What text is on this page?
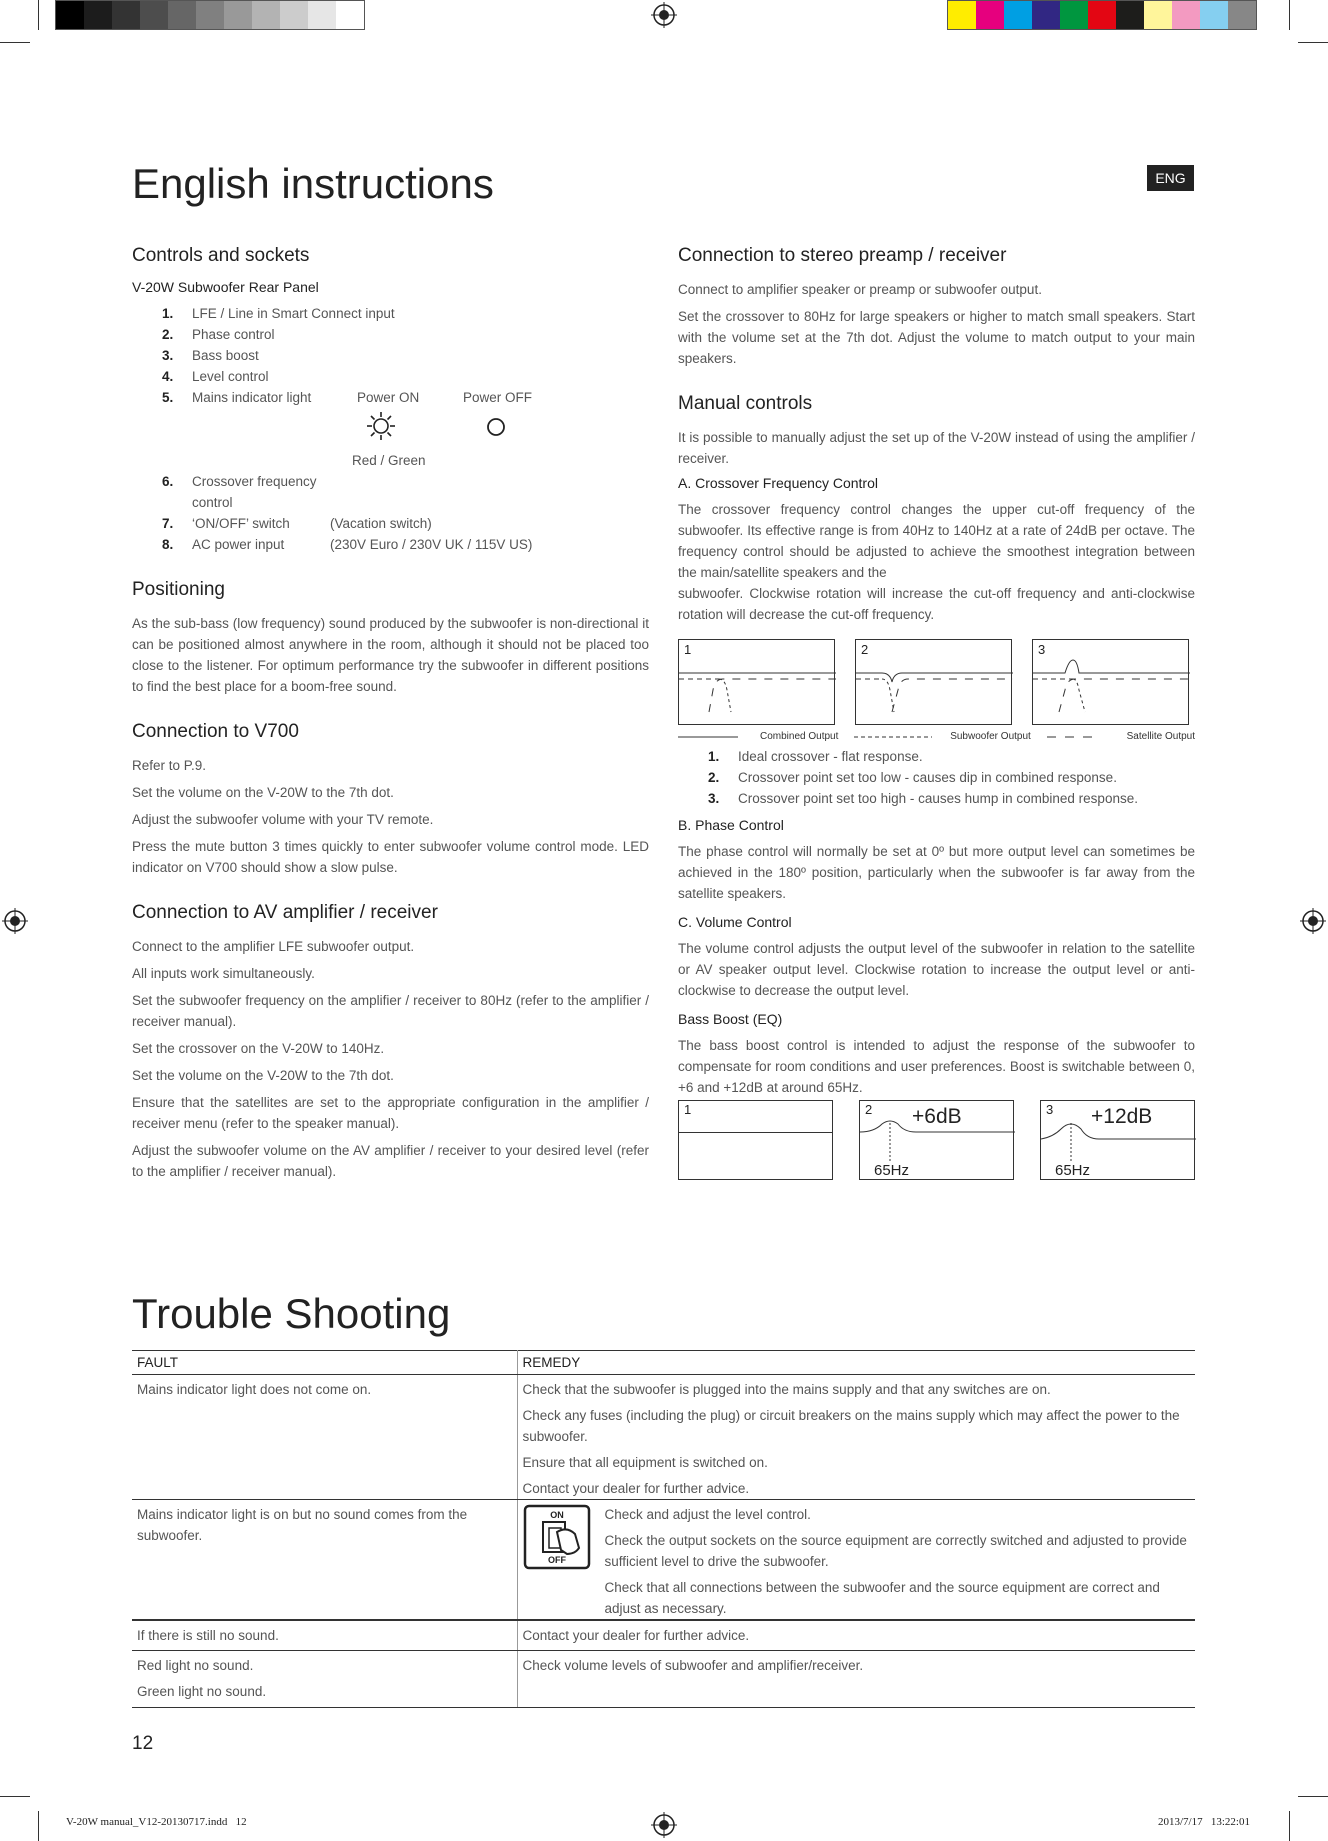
English instructions	ENG
Controls and sockets
V-20W Subwoofer Rear Panel
1.	LFE / Line in Smart Connect input
2.	Phase control
3.	Bass boost
4.	Level control
5.	Mains indicator light	Power ON	Power OFF
Red / Green
6.	Crossover frequency control
7.	‘ON/OFF’ switch	(Vacation switch)
8.	AC power input	(230V Euro / 230V UK / 115V US)
Positioning

As the sub-bass (low frequency) sound produced by the subwoofer is non-directional it can be positioned almost anywhere in the room, although it should not be placed too close to the listener. For optimum performance try the subwoofer in different positions to find the best place for a boom-free sound.

Connection to V700

Refer to P.9.

Set the volume on the V-20W to the 7th dot.

Adjust the subwoofer volume with your TV remote.

Press the mute button 3 times quickly to enter subwoofer volume control mode. LED indicator on V700 should show a slow pulse.

Connection to AV amplifier / receiver

Connect to the amplifier LFE subwoofer output.

All inputs work simultaneously.

Set the subwoofer frequency on the amplifier / receiver to 80Hz (refer to the amplifier / receiver manual).

Set the crossover on the V-20W to 140Hz.

Set the volume on the V-20W to the 7th dot.

Ensure that the satellites are set to the appropriate configuration in the amplifier / receiver menu (refer to the speaker manual).

Adjust the subwoofer volume on the AV amplifier / receiver to your desired level (refer to the amplifier / receiver manual).

Connection to stereo preamp / receiver

Connect to amplifier speaker or preamp or subwoofer output.

Set the crossover to 80Hz for large speakers or higher to match small speakers. Start with the volume set at the 7th dot. Adjust the volume to match output to your main speakers.

Manual controls

It is possible to manually adjust the set up of the V-20W instead of using the amplifier / receiver.

A. Crossover Frequency Control

The crossover frequency control changes the upper cut-off frequency of the subwoofer. Its effective range is from 40Hz to 140Hz at a rate of 24dB per octave. The frequency control should be adjusted to achieve the smoothest integration between the main/satellite speakers and the

subwoofer. Clockwise rotation will increase the cut-off frequency and anti-clockwise rotation will decrease the cut-off frequency.

1	2	3
Combined Output	Subwoofer Output	Satellite Output
1.	Ideal crossover - flat response.
2.	Crossover point set too low - causes dip in combined response.
3.	Crossover point set too high - causes hump in combined response.
B. Phase Control

The phase control will normally be set at 0º but more output level can sometimes be achieved in the 180º position, particularly when the subwoofer is far away from the satellite speakers.

C. Volume Control

The volume control adjusts the output level of the subwoofer in relation to the satellite or AV speaker output level. Clockwise rotation to increase the output level or anti-clockwise to decrease the output level.

Bass Boost (EQ)

The bass boost control is intended to adjust the response of the subwoofer to compensate for room conditions and user preferences. Boost is switchable between 0, +6 and +12dB at around 65Hz.

1	2 +6dB
65Hz
3 +12dB
65Hz
Trouble Shooting
FAULT	REMEDY
Mains indicator light does not come on.	Check that the subwoofer is plugged into the mains supply and that any switches are on.

Check any fuses (including the plug) or circuit breakers on the mains supply which may affect the power to the subwoofer.

Ensure that all equipment is switched on.

Contact your dealer for further advice.

Mains indicator light is on but no sound comes from the subwoofer.	ON
OFF

Check and adjust the level control.

Check the output sockets on the source equipment are correctly switched and adjusted to provide sufficient level to drive the subwoofer.

Check that all connections between the subwoofer and the source equipment are correct and adjust as necessary.

If there is still no sound.	Contact your dealer for further advice.

Red light no sound.

Green light no sound.	Check volume levels of subwoofer and amplifier/receiver.
12
V-20W manual_V12-20130717.indd   12	2013/7/17   13:22:01
